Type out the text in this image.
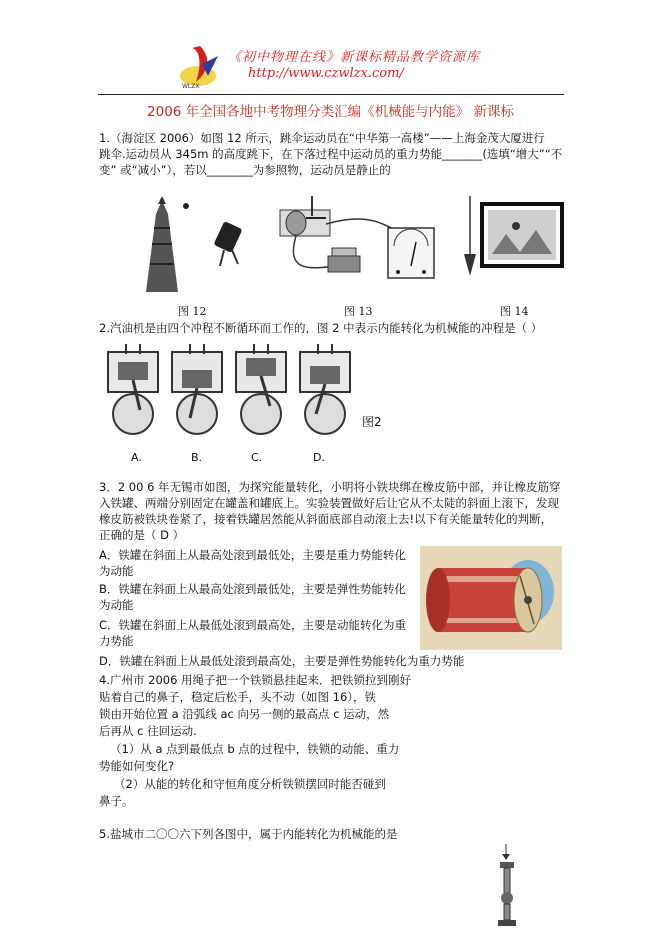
WLZX
《初中物理在线》新课标精品教学资源库
http://www.czwlzx.com/
2006 年全国各地中考物理分类汇编《机械能与内能》 新课标
1.（海淀区 2006）如图 12 所示，跳伞运动员在“中华第一高楼”——上海金茂大厦进行
跳伞.运动员从 345m 的高度跳下，在下落过程中运动员的重力势能_______(选填“增大”“不
变” 或“减小”），若以________为参照物，运动员是静止的
图 12	图 13	图 14
2.汽油机是由四个冲程不断循环而工作的，图 2 中表示内能转化为机械能的冲程是（ ）
图2
A.	B.	C.	D.
3．2 00 6 年无锡市如图，为探究能量转化，小明将小铁块绑在橡皮筋中部，并让橡皮筋穿
入铁罐、两端分别固定在罐盖和罐底上。实验装置做好后让它从不太陡的斜面上滚下，发现
橡皮筋被铁块卷紧了，接着铁罐居然能从斜面底部自动滚上去!以下有关能量转化的判断，
正确的是（ D ）
A．铁罐在斜面上从最高处滚到最低处，主要是重力势能转化
为动能
B．铁罐在斜面上从最高处滚到最低处，主要是弹性势能转化
为动能
C．铁罐在斜面上从最低处滚到最高处，主要是动能转化为重
力势能
D．铁罐在斜面上从最低处滚到最高处，主要是弹性势能转化为重力势能
4.广州市 2006 用绳子把一个铁锁悬挂起来．把铁锁拉到刚好
贴着自己的鼻子，稳定后松手，头不动（如图 16），铁
锁由开始位置 a 沿弧线 ac 向另一侧的最高点 c 运动，然
后再从 c 往回运动.
（1）从 a 点到最低点 b 点的过程中，铁锁的动能、重力
势能如何变化?
（2）从能的转化和守恒角度分析铁锁摆回时能否碰到
鼻子。
5.盐城市二〇〇六下列各图中，属于内能转化为机械能的是
